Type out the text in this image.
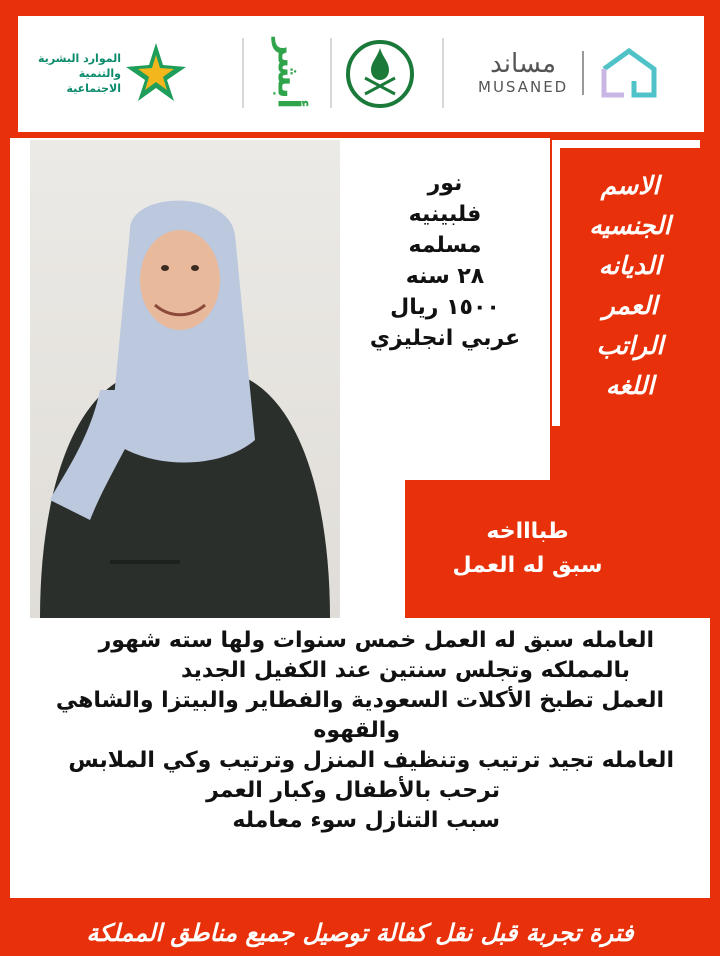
الموارد البشرية
والتنمية الاجتماعية	أبشر	مساند
MUSANED
نور
فلبينيه
مسلمه
٢٨ سنه
١٥٠٠ ريال
عربي انجليزي
الاسم
الجنسيه
الديانه
العمر
الراتب
اللغه
طباااخه
سبق له العمل
العامله سبق له العمل خمس سنوات ولها سته شهور
بالمملكه وتجلس سنتين عند الكفيل الجديد
العمل تطبخ الأكلات السعودية والفطاير والبيتزا والشاهي
والقهوه
العامله تجيد ترتيب وتنظيف المنزل وترتيب وكي الملابس
ترحب بالأطفال وكبار العمر
سبب التنازل سوء معامله
فترة تجربة قبل نقل كفالة توصيل جميع مناطق المملكة
